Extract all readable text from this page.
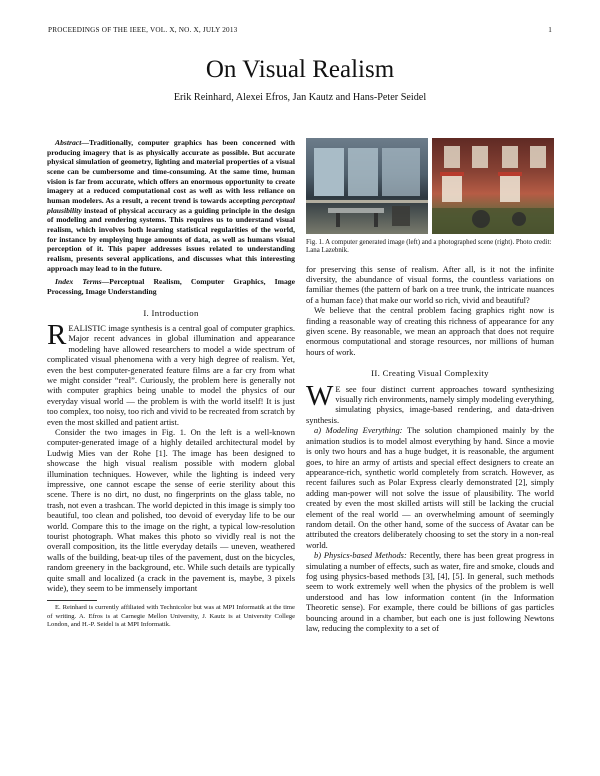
PROCEEDINGS OF THE IEEE, VOL. X, NO. X, JULY 2013	1
On Visual Realism
Erik Reinhard, Alexei Efros, Jan Kautz and Hans-Peter Seidel

Abstract—Traditionally, computer graphics has been concerned with producing imagery that is as physically accurate as possible. But accurate physical simulation of geometry, lighting and material properties of a visual scene can be cumbersome and time-consuming. At the same time, human vision is far from accurate, which offers an enormous opportunity to create imagery at a reduced computational cost as well as with less reliance on human modelers. As a result, a recent trend is towards accepting perceptual plausibility instead of physical accuracy as a guiding principle in the design of modeling and rendering systems. This requires us to understand visual realism, which involves both learning statistical regularities of the world, for instance by employing huge amounts of data, as well as humans visual perception of it. This paper addresses issues related to understanding realism, presents several applications, and discusses what this interesting approach may lead to in the future.

Index Terms—Perceptual Realism, Computer Graphics, Image Processing, Image Understanding

I. Introduction

REALISTIC image synthesis is a central goal of computer graphics. Major recent advances in global illumination and appearance modeling have allowed researchers to model a wide spectrum of complicated visual phenomena with a very high degree of realism. Yet, even the best computer-generated feature films are a far cry from what we might consider “real”. Curiously, the problem here is generally not with computer graphics being unable to model the physics of our everyday visual world — the problem is with the world itself! It is just too complex, too noisy, too rich and vivid to be recreated from scratch by even the most skilled and patient artist.

Consider the two images in Fig. 1. On the left is a well-known computer-generated image of a highly detailed architectural model by Ludwig Mies van der Rohe [1]. The image has been designed to showcase the high visual realism possible with modern global illumination techniques. However, while the lighting is indeed very impressive, one cannot escape the sense of eerie sterility about this scene. There is no dirt, no dust, no fingerprints on the glass table, no trash, not even a trashcan. The world depicted in this image is simply too beautiful, too clean and polished, too devoid of everyday life to be our world. Compare this to the image on the right, a typical low-resolution tourist photograph. What makes this photo so vividly real is not the overall composition, its the little everyday details — uneven, weathered walls of the building, beat-up tiles of the pavement, dust on the bicycles, random greenery in the background, etc. While such details are typically quite small and localized (a crack in the pavement is, maybe, 3 pixels wide), they seem to be immensely important

E. Reinhard is currently affiliated with Technicolor but was at MPI Informatik at the time of writing. A. Efros is at Carnegie Mellon University, J. Kautz is at University College London, and H.-P. Seidel is at MPI Informatik.

Fig. 1. A computer generated image (left) and a photographed scene (right). Photo credit: Lana Lazebnik.

for preserving this sense of realism. After all, is it not the infinite diversity, the abundance of visual forms, the countless variations on familiar themes (the pattern of bark on a tree trunk, the intricate nuances of a human face) that make our world so rich, vivid and beautiful?

We believe that the central problem facing graphics right now is finding a reasonable way of creating this richness of appearance for any given scene. By reasonable, we mean an approach that does not require enormous computational and storage resources, nor millions of human hours of work.

II. Creating Visual Complexity

W E see four distinct current approaches toward synthesizing visually rich environments, namely simply modeling everything, simulating physics, image-based rendering, and data-driven synthesis.

a) Modeling Everything: The solution championed mainly by the animation studios is to model almost everything by hand. Since a movie is only two hours and has a huge budget, it is reasonable, the argument goes, to hire an army of artists and special effect designers to create an appearance-rich, synthetic world completely from scratch. However, as recent failures such as Polar Express clearly demonstrated [2], simply adding man-power will not solve the issue of plausibility. The world created by even the most skilled artists will still be lacking the crucial element of the real world — an overwhelming amount of seemingly random detail. On the other hand, some of the success of Avatar can be attributed the creators deliberately choosing to set the story in a non-real world.

b) Physics-based Methods: Recently, there has been great progress in simulating a number of effects, such as water, fire and smoke, clouds and fog using physics-based methods [3], [4], [5]. In general, such methods seem to work extremely well when the physics of the problem is well understood and has low information content (in the Information Theoretic sense). For example, there could be billions of gas particles bouncing around in a chamber, but each one is just following Newtons law, reducing the complexity to a set of
